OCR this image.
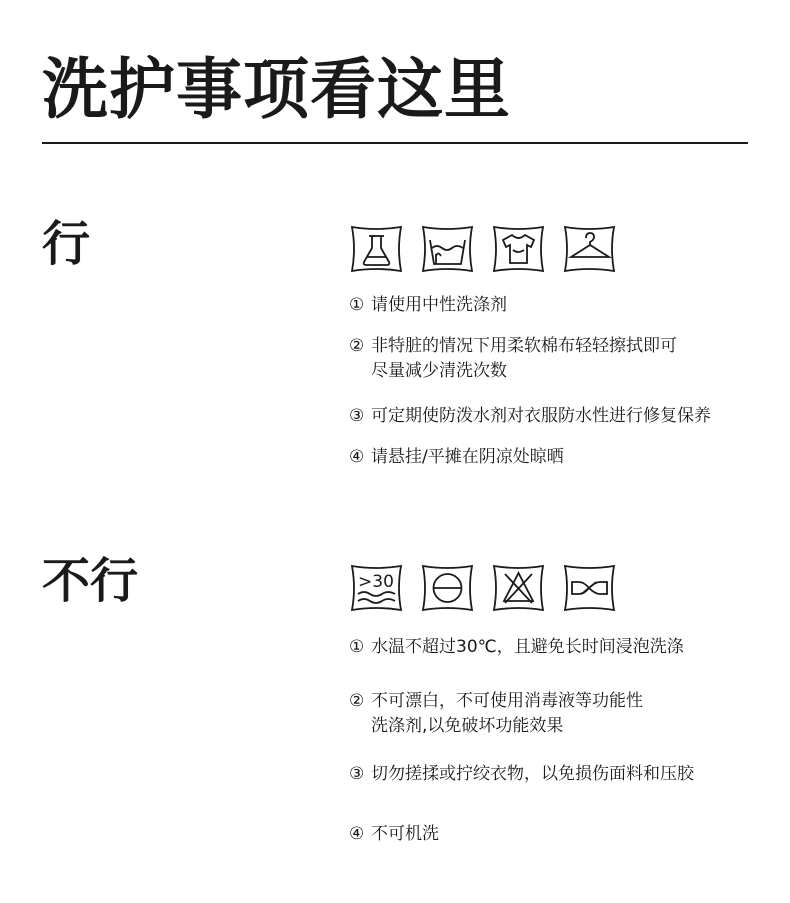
洗护事项看这里
行
① 请使用中性洗涤剂
② 非特脏的情况下用柔软棉布轻轻擦拭即可
尽量减少清洗次数
③ 可定期使防泼水剂对衣服防水性进行修复保养
④ 请悬挂/平摊在阴凉处晾晒
不行	>30
① 水温不超过30℃，且避免长时间浸泡洗涤
② 不可漂白，不可使用消毒液等功能性
洗涤剂,以免破坏功能效果
③ 切勿搓揉或拧绞衣物，以免损伤面料和压胶
④ 不可机洗
